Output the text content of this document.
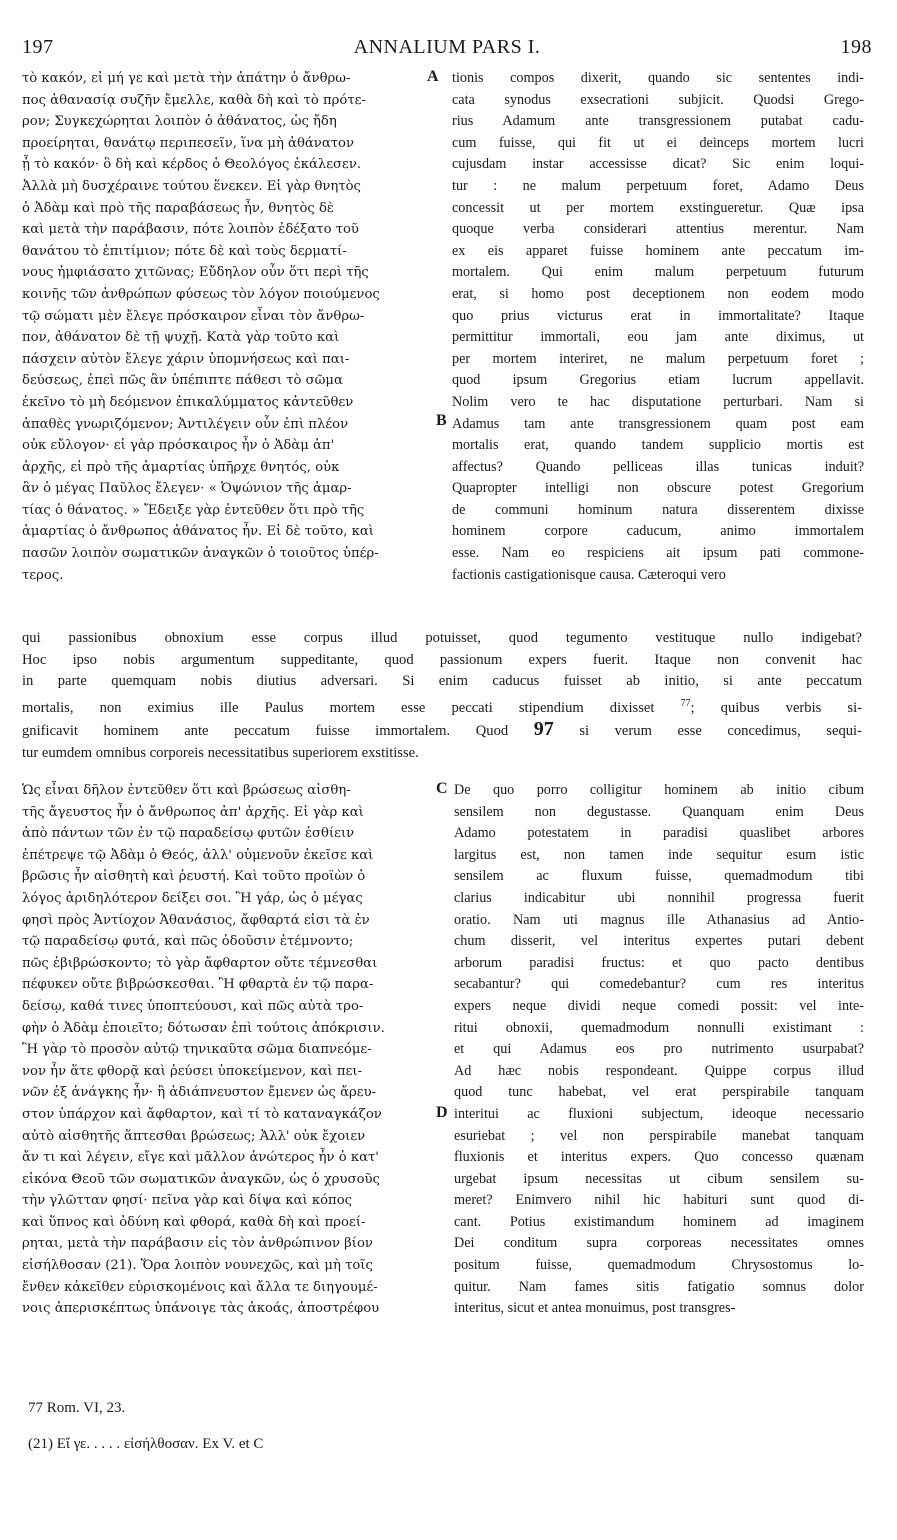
197	ANNALIUM PARS I.	198
τὸ κακόν, εἰ μή γε καὶ μετὰ τὴν ἀπάτην ὁ ἄνθρω-
πος ἀθανασίᾳ συζῆν ἔμελλε, καθὰ δὴ καὶ τὸ πρότε-
ρον; Συγκεχώρηται λοιπὸν ὁ ἀθάνατος, ὡς ἤδη
προείρηται, θανάτῳ περιπεσεῖν, ἵνα μὴ ἀθάνατον
ᾖ τὸ κακόν· ὃ δὴ καὶ κέρδος ὁ Θεολόγος ἐκάλεσεν.
Ἀλλὰ μὴ δυσχέραινε τούτου ἕνεκεν. Εἰ γὰρ θνητὸς
ὁ Ἀδὰμ καὶ πρὸ τῆς παραβάσεως ἦν, θνητὸς δὲ
καὶ μετὰ τὴν παράβασιν, πότε λοιπὸν ἐδέξατο τοῦ
θανάτου τὸ ἐπιτίμιον; πότε δὲ καὶ τοὺς δερματί-
νους ἠμφιάσατο χιτῶνας; Εὔδηλον οὖν ὅτι περὶ τῆς
κοινῆς τῶν ἀνθρώπων φύσεως τὸν λόγον ποιούμενος
τῷ σώματι μὲν ἔλεγε πρόσκαιρον εἶναι τὸν ἄνθρω-
πον, ἀθάνατον δὲ τῇ ψυχῇ. Κατὰ γὰρ τοῦτο καὶ
πάσχειν αὐτὸν ἔλεγε χάριν ὑπομνήσεως καὶ παι-
δεύσεως, ἐπεὶ πῶς ἂν ὑπέπιπτε πάθεσι τὸ σῶμα
ἐκεῖνο τὸ μὴ δεόμενον ἐπικαλύμματος κἀντεῦθεν
ἀπαθὲς γνωριζόμενον; Ἀντιλέγειν οὖν ἐπὶ πλέον
οὐκ εὔλογον· εἰ γὰρ πρόσκαιρος ἦν ὁ Ἀδὰμ ἀπ'
ἀρχῆς, εἰ πρὸ τῆς ἁμαρτίας ὑπῆρχε θνητός, οὐκ
ἂν ὁ μέγας Παῦλος ἔλεγεν· « Ὀψώνιον τῆς ἁμαρ-
τίας ὁ θάνατος. » Ἔδειξε γὰρ ἐντεῦθεν ὅτι πρὸ τῆς
ἁμαρτίας ὁ ἄνθρωπος ἀθάνατος ἦν. Εἰ δὲ τοῦτο, καὶ
πασῶν λοιπὸν σωματικῶν ἀναγκῶν ὁ τοιοῦτος ὑπέρ-
τερος.
tionis compos dixerit, quando sic sententes indi-
cata synodus exsecrationi subjicit. Quodsi Grego-
rius Adamum ante transgressionem putabat cadu-
cum fuisse, qui fit ut ei deinceps mortem lucri
cujusdam instar accessisse dicat? Sic enim loqui-
tur : ne malum perpetuum foret, Adamo Deus
concessit ut per mortem exstingueretur. Quæ ipsa
quoque verba considerari attentius merentur. Nam
ex eis apparet fuisse hominem ante peccatum im-
mortalem. Qui enim malum perpetuum futurum
erat, si homo post deceptionem non eodem modo
quo prius victurus erat in immortalitate? Itaque
permittitur immortali, eou jam ante diximus, ut
per mortem interiret, ne malum perpetuum foret ;
quod ipsum Gregorius etiam lucrum appellavit.
Nolim vero te hac disputatione perturbari. Nam si
Adamus tam ante transgressionem quam post eam
mortalis erat, quando tandem supplicio mortis est
affectus? Quando pelliceas illas tunicas induit?
Quapropter intelligi non obscure potest Gregorium
de communi hominum natura disserentem dixisse
hominem corpore caducum, animo immortalem
esse. Nam eo respiciens ait ipsum pati commone-
factionis castigationisque causa. Cæteroqui vero
A
B
qui passionibus obnoxium esse corpus illud potuisset, quod tegumento vestituque nullo indigebat?
Hoc ipso nobis argumentum suppeditante, quod passionum expers fuerit. Itaque non convenit hac
in parte quemquam nobis diutius adversari. Si enim caducus fuisset ab initio, si ante peccatum
mortalis, non eximius ille Paulus mortem esse peccati stipendium dixisset	$^{77}$; quibus verbis si-
gnificavit hominem ante peccatum fuisse immortalem. Quod 97 si verum esse concedimus, sequi-
tur eumdem omnibus corporeis necessitatibus superiorem exstitisse.
Ὡς εἶναι δῆλον ἐντεῦθεν ὅτι καὶ βρώσεως αἰσθη-
τῆς ἄγευστος ἦν ὁ ἄνθρωπος ἀπ' ἀρχῆς. Εἰ γὰρ καὶ
ἀπὸ πάντων τῶν ἐν τῷ παραδείσῳ φυτῶν ἐσθίειν
ἐπέτρεψε τῷ Ἀδὰμ ὁ Θεός, ἀλλ' οὐμενοῦν ἐκεῖσε καὶ
βρῶσις ἦν αἰσθητὴ καὶ ῥευστή. Καὶ τοῦτο προϊὼν ὁ
λόγος ἀριδηλότερον δείξει σοι. Ἢ γάρ, ὡς ὁ μέγας
φησὶ πρὸς Ἀντίοχον Ἀθανάσιος, ἄφθαρτά εἰσι τὰ ἐν
τῷ παραδείσῳ φυτά, καὶ πῶς ὀδοῦσιν ἐτέμνοντο;
πῶς ἐβιβρώσκοντο; τὸ γὰρ ἄφθαρτον οὔτε τέμνεσθαι
πέφυκεν οὔτε βιβρώσκεσθαι. Ἢ φθαρτὰ ἐν τῷ παρα-
δείσῳ, καθά τινες ὑποπτεύουσι, καὶ πῶς αὐτὰ τρο-
φὴν ὁ Ἀδὰμ ἐποιεῖτο; δότωσαν ἐπὶ τούτοις ἀπόκρισιν.
Ἢ γὰρ τὸ προσὸν αὐτῷ τηνικαῦτα σῶμα διαπνεόμε-
νον ἦν ἅτε φθορᾷ καὶ ῥεύσει ὑποκείμενον, καὶ πει-
νῶν ἐξ ἀνάγκης ἦν· ἢ ἀδιάπνευστον ἔμενεν ὡς ἄρευ-
στον ὑπάρχον καὶ ἄφθαρτον, καὶ τί τὸ καταναγκάζον
αὐτὸ αἰσθητῆς ἅπτεσθαι βρώσεως; Ἀλλ' οὐκ ἔχοιεν
ἄν τι καὶ λέγειν, εἴγε καὶ μᾶλλον ἀνώτερος ἦν ὁ κατ'
εἰκόνα Θεοῦ τῶν σωματικῶν ἀναγκῶν, ὡς ὁ χρυσοῦς
τὴν γλῶτταν φησί· πεῖνα γὰρ καὶ δίψα καὶ κόπος
καὶ ὕπνος καὶ ὀδύνη καὶ φθορά, καθὰ δὴ καὶ προεί-
ρηται, μετὰ τὴν παράβασιν εἰς τὸν ἀνθρώπινον βίον
εἰσήλθοσαν (21). Ὅρα λοιπὸν νουνεχῶς, καὶ μὴ τοῖς
ἔνθεν κἀκεῖθεν εὑρισκομένοις καὶ ἄλλα τε διηγουμέ-
νοις ἀπερισκέπτως ὑπάνοιγε τὰς ἀκοάς, ἀποστρέφου
De quo porro colligitur hominem ab initio cibum
sensilem non degustasse. Quanquam enim Deus
Adamo potestatem in paradisi quaslibet arbores
largitus est, non tamen inde sequitur esum istic
sensilem ac fluxum fuisse, quemadmodum tibi
clarius indicabitur ubi nonnihil progressa fuerit
oratio. Nam uti magnus ille Athanasius ad Antio-
chum disserit, vel interitus expertes putari debent
arborum paradisi fructus: et quo pacto dentibus
secabantur? qui comedebantur? cum res interitus
expers neque dividi neque comedi possit: vel inte-
ritui obnoxii, quemadmodum nonnulli existimant :
et qui Adamus eos pro nutrimento usurpabat?
Ad hæc nobis respondeant. Quippe corpus illud
quod tunc habebat, vel erat perspirabile tanquam
interitui ac fluxioni subjectum, ideoque necessario
esuriebat ; vel non perspirabile manebat tanquam
fluxionis et interitus expers. Quo concesso quænam
urgebat ipsum necessitas ut cibum sensilem su-
meret? Enimvero nihil hic habituri sunt quod di-
cant. Potius existimandum hominem ad imaginem
Dei conditum supra corporeas necessitates omnes
positum fuisse, quemadmodum Chrysostomus lo-
quitur. Nam fames sitis fatigatio somnus dolor
interitus, sicut et antea monuimus, post transgres-
C
D
77 Rom. VI, 23.
(21) Εἴ γε. . . . . εἰσήλθοσαν. Ex V. et C
